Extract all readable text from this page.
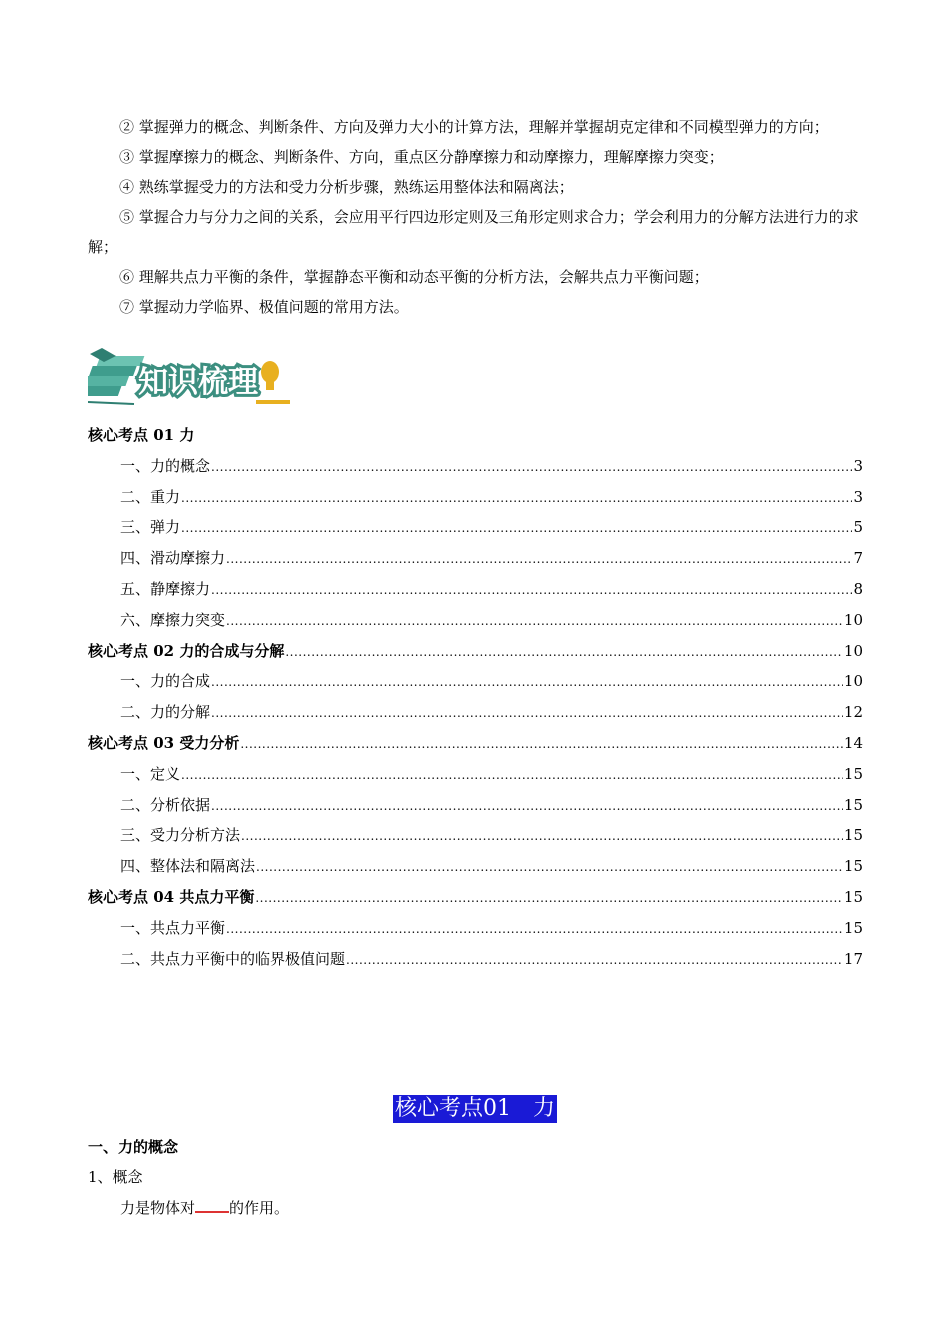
② 掌握弹力的概念、判断条件、方向及弹力大小的计算方法，理解并掌握胡克定律和不同模型弹力的方向；

③ 掌握摩擦力的概念、判断条件、方向，重点区分静摩擦力和动摩擦力，理解摩擦力突变；

④ 熟练掌握受力的方法和受力分析步骤，熟练运用整体法和隔离法；

⑤ 掌握合力与分力之间的关系，会应用平行四边形定则及三角形定则求合力；学会利用力的分解方法进行力的求解；

⑥ 理解共点力平衡的条件，掌握静态平衡和动态平衡的分析方法，会解共点力平衡问题；

⑦ 掌握动力学临界、极值问题的常用方法。

知识梳理
核心考点 01 力
一、力的概念 .....	3
二、重力 .....	3
三、弹力 .....	5
四、滑动摩擦力 .....	7
五、静摩擦力 .....	8
六、摩擦力突变 .....	10
核心考点 02 力的合成与分解 .....	10
一、力的合成 .....	10
二、力的分解 .....	12
核心考点 03 受力分析 .....	14
一、定义 .....	15
二、分析依据 .....	15
三、受力分析方法 .....	15
四、整体法和隔离法 .....	15
核心考点 04 共点力平衡 .....	15
一、共点力平衡 .....	15
二、共点力平衡中的临界极值问题 .....	17
核心考点01　力
一、力的概念
1、概念
力是物体对 的作用。
